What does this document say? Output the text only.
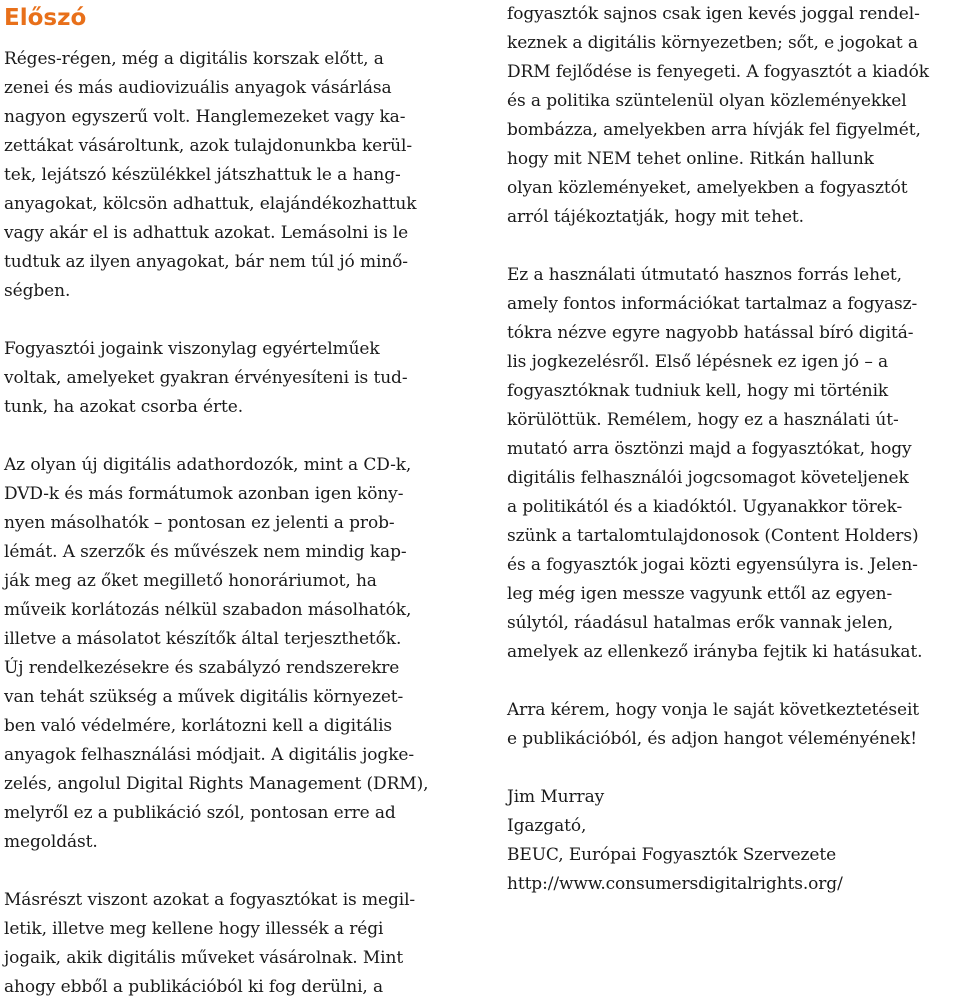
Előszó

Réges-régen, még a digitális korszak előtt, a
zenei és más audiovizuális anyagok vásárlása
nagyon egyszerű volt. Hanglemezeket vagy ka-
zettákat vásároltunk, azok tulajdonunkba kerül-
tek, lejátszó készülékkel játszhattuk le a hang-
anyagokat, kölcsön adhattuk, elajándékozhattuk
vagy akár el is adhattuk azokat. Lemásolni is le
tudtuk az ilyen anyagokat, bár nem túl jó minő-
ségben.

Fogyasztói jogaink viszonylag egyértelműek
voltak, amelyeket gyakran érvényesíteni is tud-
tunk, ha azokat csorba érte.

Az olyan új digitális adathordozók, mint a CD-k,
DVD-k és más formátumok azonban igen köny-
nyen másolhatók – pontosan ez jelenti a prob-
lémát. A szerzők és művészek nem mindig kap-
ják meg az őket megillető honoráriumot, ha
műveik korlátozás nélkül szabadon másolhatók,
illetve a másolatot készítők által terjeszthetők.
Új rendelkezésekre és szabályzó rendszerekre
van tehát szükség a művek digitális környezet-
ben való védelmére, korlátozni kell a digitális
anyagok felhasználási módjait. A digitális jogke-
zelés, angolul Digital Rights Management (DRM),
melyről ez a publikáció szól, pontosan erre ad
megoldást.

Másrészt viszont azokat a fogyasztókat is megil-
letik, illetve meg kellene hogy illessék a régi
jogaik, akik digitális műveket vásárolnak. Mint
ahogy ebből a publikációból ki fog derülni, a

fogyasztók sajnos csak igen kevés joggal rendel-
keznek a digitális környezetben; sőt, e jogokat a
DRM fejlődése is fenyegeti. A fogyasztót a kiadók
és a politika szüntelenül olyan közleményekkel
bombázza, amelyekben arra hívják fel figyelmét,
hogy mit NEM tehet online. Ritkán hallunk
olyan közleményeket, amelyekben a fogyasztót
arról tájékoztatják, hogy mit tehet.

Ez a használati útmutató hasznos forrás lehet,
amely fontos információkat tartalmaz a fogyasz-
tókra nézve egyre nagyobb hatással bíró digitá-
lis jogkezelésről. Első lépésnek ez igen jó – a
fogyasztóknak tudniuk kell, hogy mi történik
körülöttük. Remélem, hogy ez a használati út-
mutató arra ösztönzi majd a fogyasztókat, hogy
digitális felhasználói jogcsomagot követeljenek
a politikától és a kiadóktól. Ugyanakkor törek-
szünk a tartalomtulajdonosok (Content Holders)
és a fogyasztók jogai közti egyensúlyra is. Jelen-
leg még igen messze vagyunk ettől az egyen-
súlytól, ráadásul hatalmas erők vannak jelen,
amelyek az ellenkező irányba fejtik ki hatásukat.

Arra kérem, hogy vonja le saját következtetéseit
e publikációból, és adjon hangot véleményének!

Jim Murray

Igazgató,

BEUC, Európai Fogyasztók Szervezete

http://www.consumersdigitalrights.org/
